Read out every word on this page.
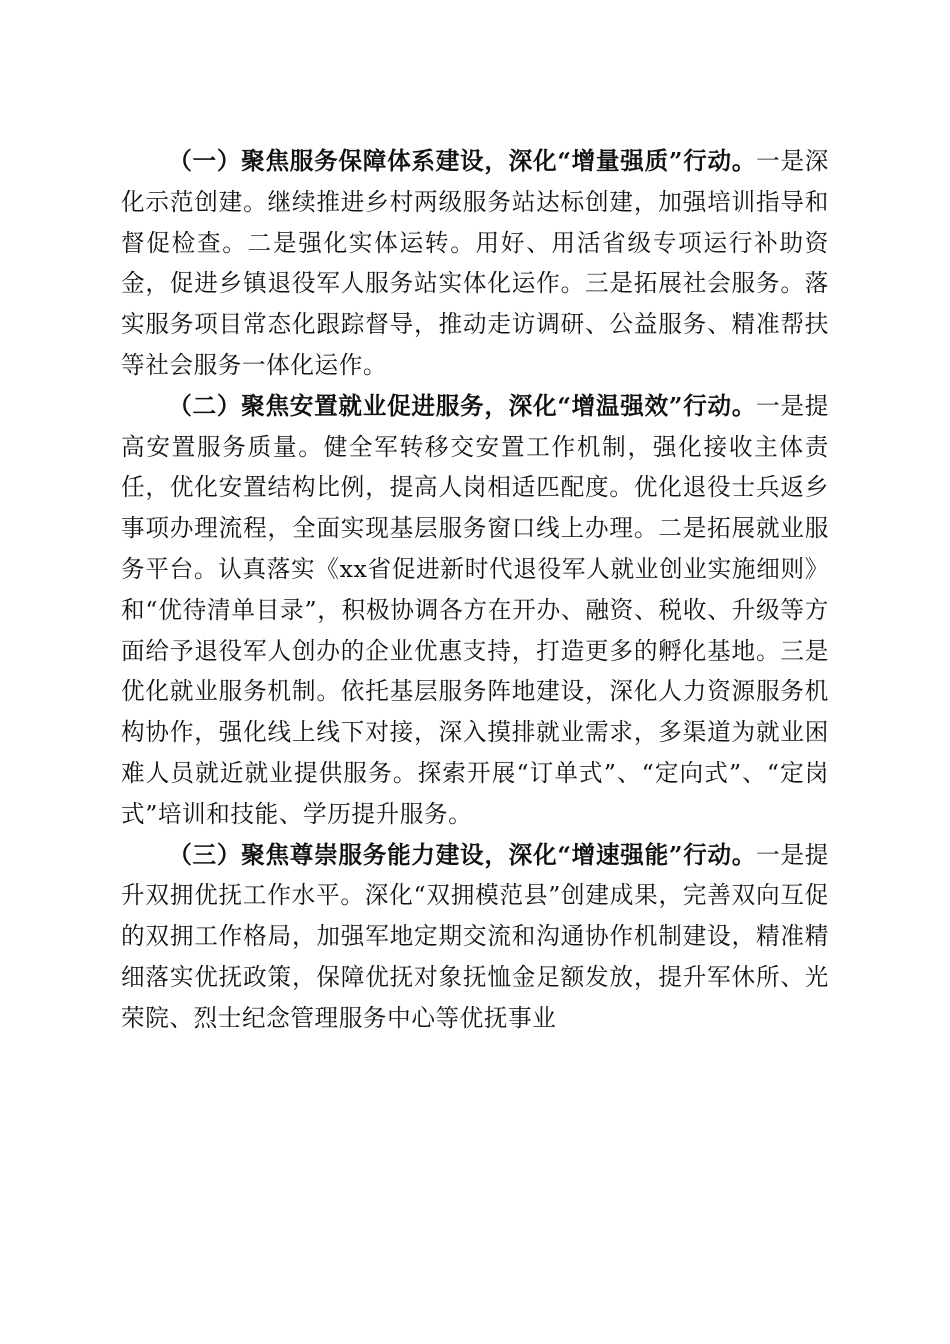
（一）聚焦服务保障体系建设，深化“增量强质”行动。一是深化示范创建。继续推进乡村两级服务站达标创建，加强培训指导和督促检查。二是强化实体运转。用好、用活省级专项运行补助资金，促进乡镇退役军人服务站实体化运作。三是拓展社会服务。落实服务项目常态化跟踪督导，推动走访调研、公益服务、精准帮扶等社会服务一体化运作。

（二）聚焦安置就业促进服务，深化“增温强效”行动。一是提高安置服务质量。健全军转移交安置工作机制，强化接收主体责任，优化安置结构比例，提高人岗相适匹配度。优化退役士兵返乡事项办理流程，全面实现基层服务窗口线上办理。二是拓展就业服务平台。认真落实《xx省促进新时代退役军人就业创业实施细则》和“优待清单目录”，积极协调各方在开办、融资、税收、升级等方面给予退役军人创办的企业优惠支持，打造更多的孵化基地。三是优化就业服务机制。依托基层服务阵地建设，深化人力资源服务机构协作，强化线上线下对接，深入摸排就业需求，多渠道为就业困难人员就近就业提供服务。探索开展“订单式”、“定向式”、“定岗式”培训和技能、学历提升服务。

（三）聚焦尊崇服务能力建设，深化“增速强能”行动。一是提升双拥优抚工作水平。深化“双拥模范县”创建成果，完善双向互促的双拥工作格局，加强军地定期交流和沟通协作机制建设，精准精细落实优抚政策，保障优抚对象抚恤金足额发放，提升军休所、光荣院、烈士纪念管理服务中心等优抚事业
